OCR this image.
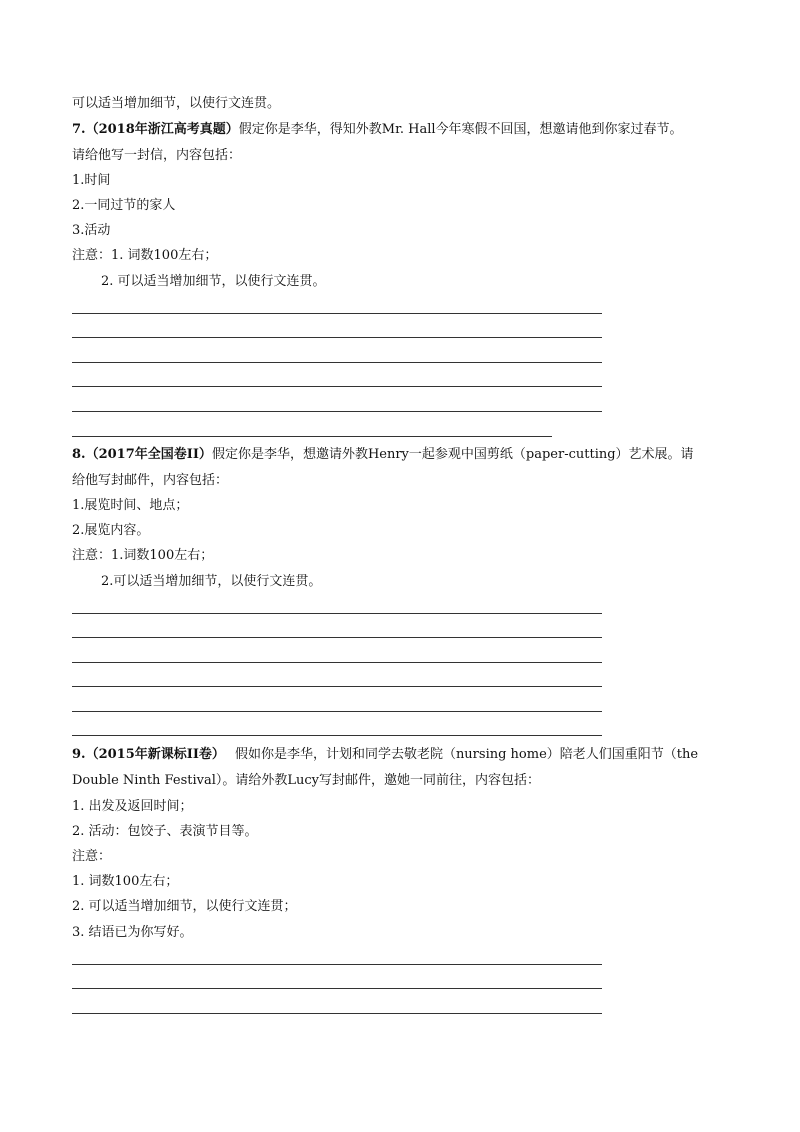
可以适当增加细节，以使行文连贯。
7.（2018年浙江高考真题）假定你是李华，得知外教Mr. Hall今年寒假不回国，想邀请他到你家过春节。
请给他写一封信，内容包括：
1.时间
2.一同过节的家人
3.活动
注意：1. 词数100左右；
2. 可以适当增加细节，以使行文连贯。
8.（2017年全国卷II）假定你是李华，想邀请外教Henry一起参观中国剪纸（paper-cutting）艺术展。请
给他写封邮件，内容包括：
1.展览时间、地点；
2.展览内容。
注意：1.词数100左右；
2.可以适当增加细节，以使行文连贯。
9.（2015年新课标II卷） 假如你是李华，计划和同学去敬老院（nursing home）陪老人们国重阳节（the
Double Ninth Festival）。请给外教Lucy写封邮件，邀她一同前往，内容包括：
1. 出发及返回时间；
2. 活动：包饺子、表演节目等。
注意：
1. 词数100左右；
2. 可以适当增加细节，以使行文连贯；
3. 结语已为你写好。
